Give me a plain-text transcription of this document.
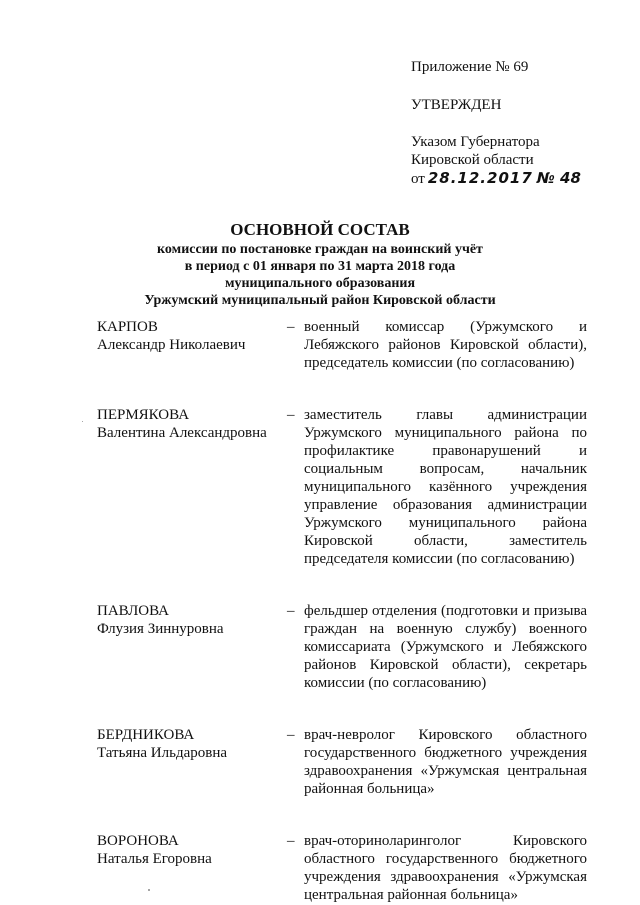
Приложение № 69
УТВЕРЖДЕН
Указом Губернатора
Кировской области
от 28.12.2017 № 48
ОСНОВНОЙ СОСТАВ
комиссии по постановке граждан на воинский учёт
в период с 01 января по 31 марта 2018 года
муниципального образования
Уржумский муниципальный район Кировской области
КАРПОВ
Александр Николаевич
– военный комиссар (Уржумского и Лебяжского районов Кировской области), председатель комиссии (по согласованию)
ПЕРМЯКОВА
Валентина Александровна
– заместитель главы администрации Уржумского муниципального района по профилактике правонарушений и социальным вопросам, начальник муниципального казённого учреждения управление образования администрации Уржумского муниципального района Кировской области, заместитель председателя комиссии (по согласованию)
ПАВЛОВА
Флузия Зиннуровна
– фельдшер отделения (подготовки и призыва граждан на военную службу) военного комиссариата (Уржумского и Лебяжского районов Кировской области), секретарь комиссии (по согласованию)
БЕРДНИКОВА
Татьяна Ильдаровна
– врач-невролог Кировского областного государственного бюджетного учреждения здравоохранения «Уржумская центральная районная больница»
ВОРОНОВА
Наталья Егоровна
– врач-оториноларинголог Кировского областного государственного бюджетного учреждения здравоохранения «Уржумская центральная районная больница»
